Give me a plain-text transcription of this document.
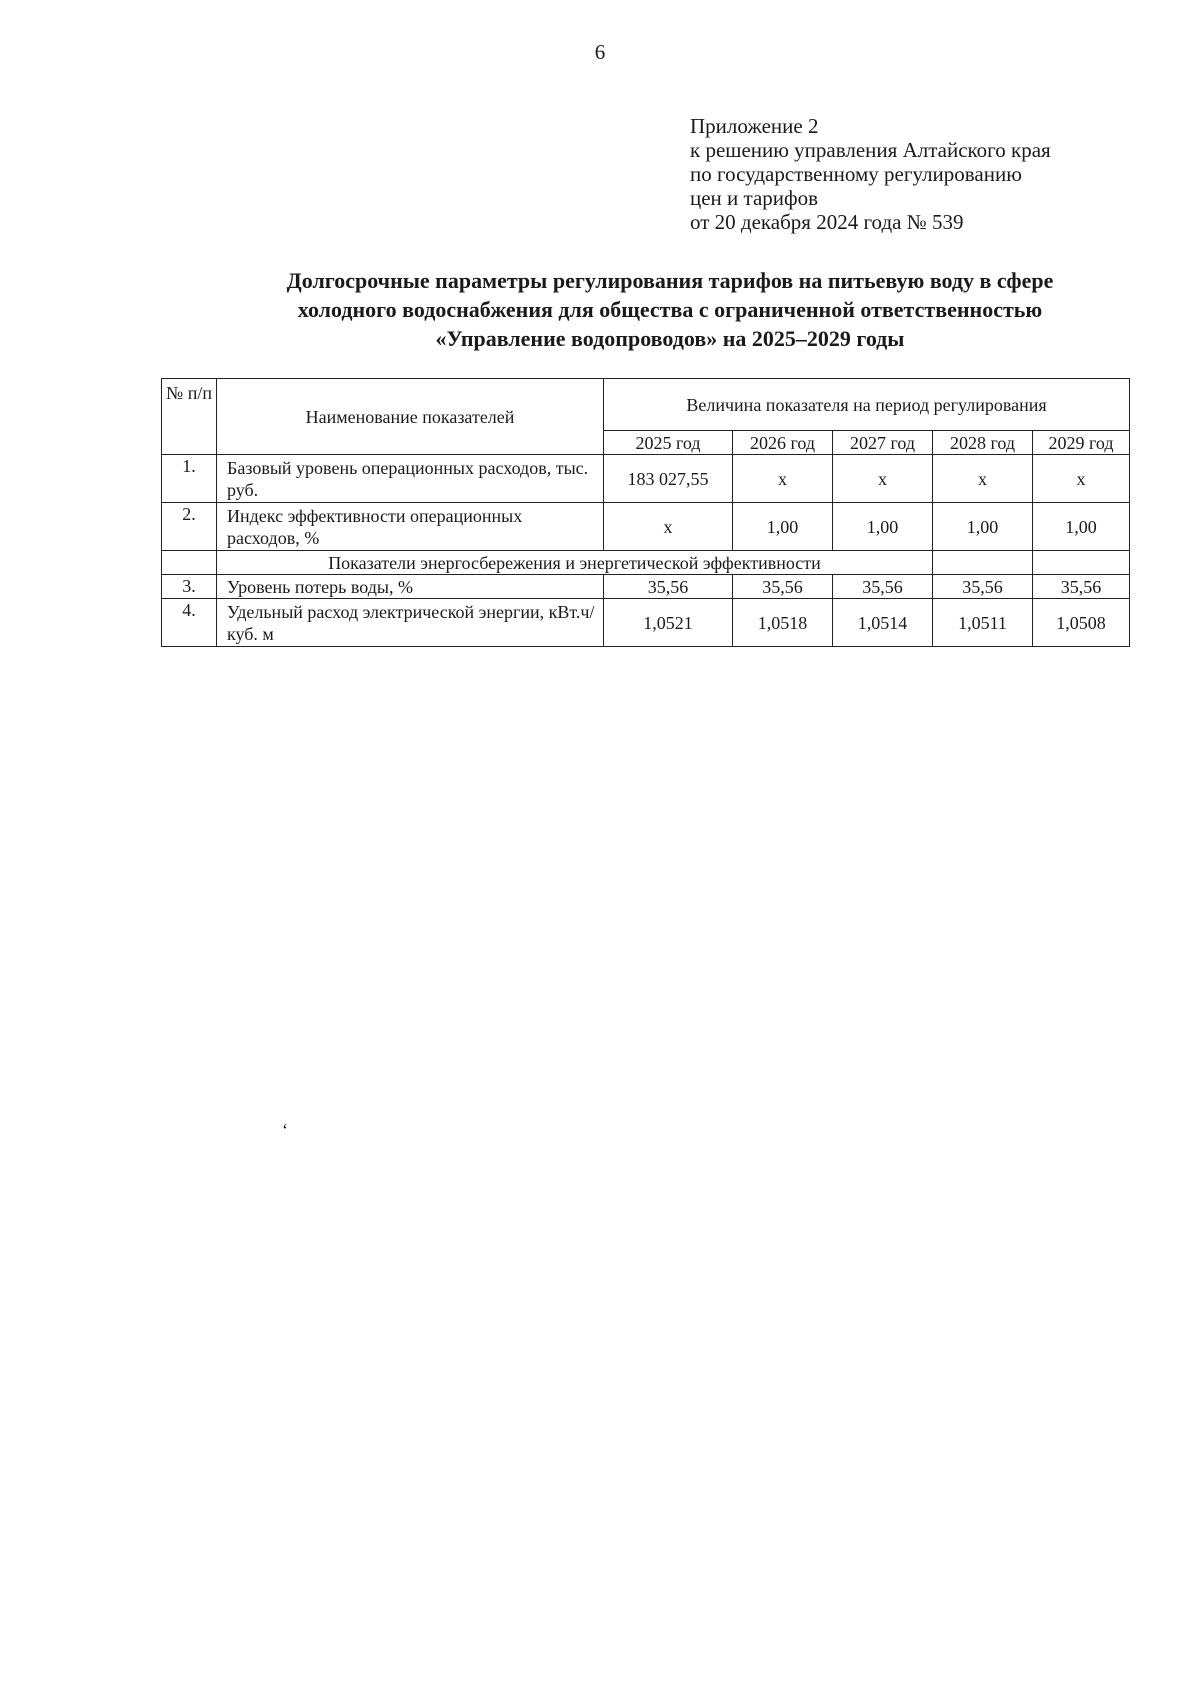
6
Приложение 2
к решению управления Алтайского края
по государственному регулированию
цен и тарифов
от 20 декабря 2024 года № 539
Долгосрочные параметры регулирования тарифов на питьевую воду в сфере
холодного водоснабжения для общества с ограниченной ответственностью
«Управление водопроводов» на 2025–2029 годы
№ п/п	Наименование показателей	Величина показателя на период регулирования				
		2025 год	2026 год	2027 год	2028 год	2029 год
1.	Базовый уровень операционных расходов, тыс. руб.	183 027,55	x	x	x	x
2.	Индекс эффективности операционных расходов, %	x	1,00	1,00	1,00	1,00
	Показатели энергосбережения и энергетической эффективности					
3.	Уровень потерь воды, %	35,56	35,56	35,56	35,56	35,56
4.	Удельный расход электрической энергии, кВт.ч/куб. м	1,0521	1,0518	1,0514	1,0511	1,0508
‘
